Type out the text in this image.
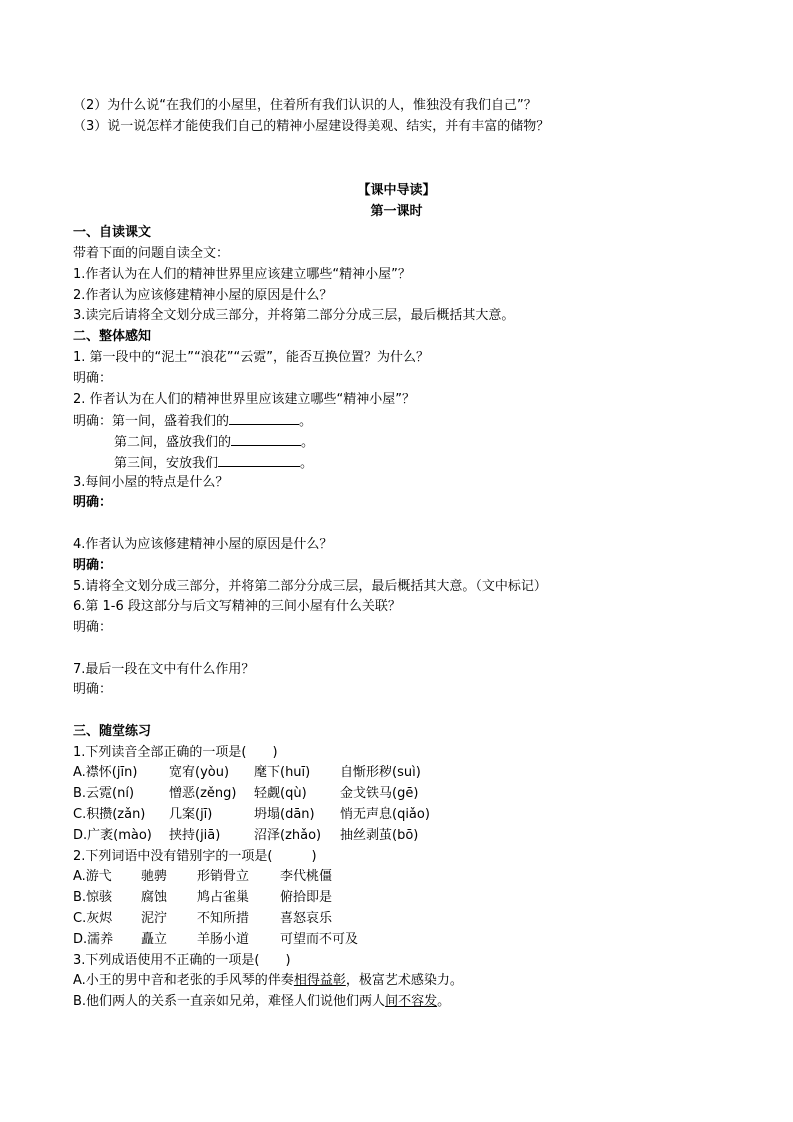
（2）为什么说“在我们的小屋里，住着所有我们认识的人，惟独没有我们自己”？
（3）说一说怎样才能使我们自己的精神小屋建设得美观、结实，并有丰富的储物？
【课中导读】
第一课时
一、自读课文
带着下面的问题自读全文：
1.作者认为在人们的精神世界里应该建立哪些“精神小屋”？
2.作者认为应该修建精神小屋的原因是什么？
3.读完后请将全文划分成三部分，并将第二部分分成三层，最后概括其大意。
二、整体感知
1. 第一段中的“泥土”“浪花”“云霓”，能否互换位置？为什么？
明确：
2. 作者认为在人们的精神世界里应该建立哪些“精神小屋”？
明确：第一间，盛着我们的	。
第二间，盛放我们的	。
第三间，安放我们	。
3.每间小屋的特点是什么？
明确：
4.作者认为应该修建精神小屋的原因是什么？
明确：
5.请将全文划分成三部分，并将第二部分分成三层，最后概括其大意。（文中标记）
6.第 1-6 段这部分与后文写精神的三间小屋有什么关联？
明确：
7.最后一段在文中有什么作用？
明确：
三、随堂练习
1.下列读音全部正确的一项是(　　)
A.襟怀(jīn) 宽宥(yòu) 麾下(huī) 自惭形秽(suì)
B.云霓(ní)	憎恶(zěng) 轻觑(qù)	金戈铁马(gē)
C.积攒(zǎn) 几案(jī)	坍塌(dān) 悄无声息(qiǎo)
D.广袤(mào) 挟持(jiā)	沼泽(zhǎo) 抽丝剥茧(bō)
2.下列词语中没有错别字的一项是(　　　)
A.游弋 驰骋 形销骨立 李代桃僵
B.惊骇 腐蚀 鸠占雀巢 俯拾即是
C.灰烬 泥泞 不知所措 喜怒哀乐
D.濡养 矗立 羊肠小道 可望而不可及
3.下列成语使用不正确的一项是(　　)
A.小王的男中音和老张的手风琴的伴奏相得益彰，极富艺术感染力。
B.他们两人的关系一直亲如兄弟，难怪人们说他们两人间不容发。
